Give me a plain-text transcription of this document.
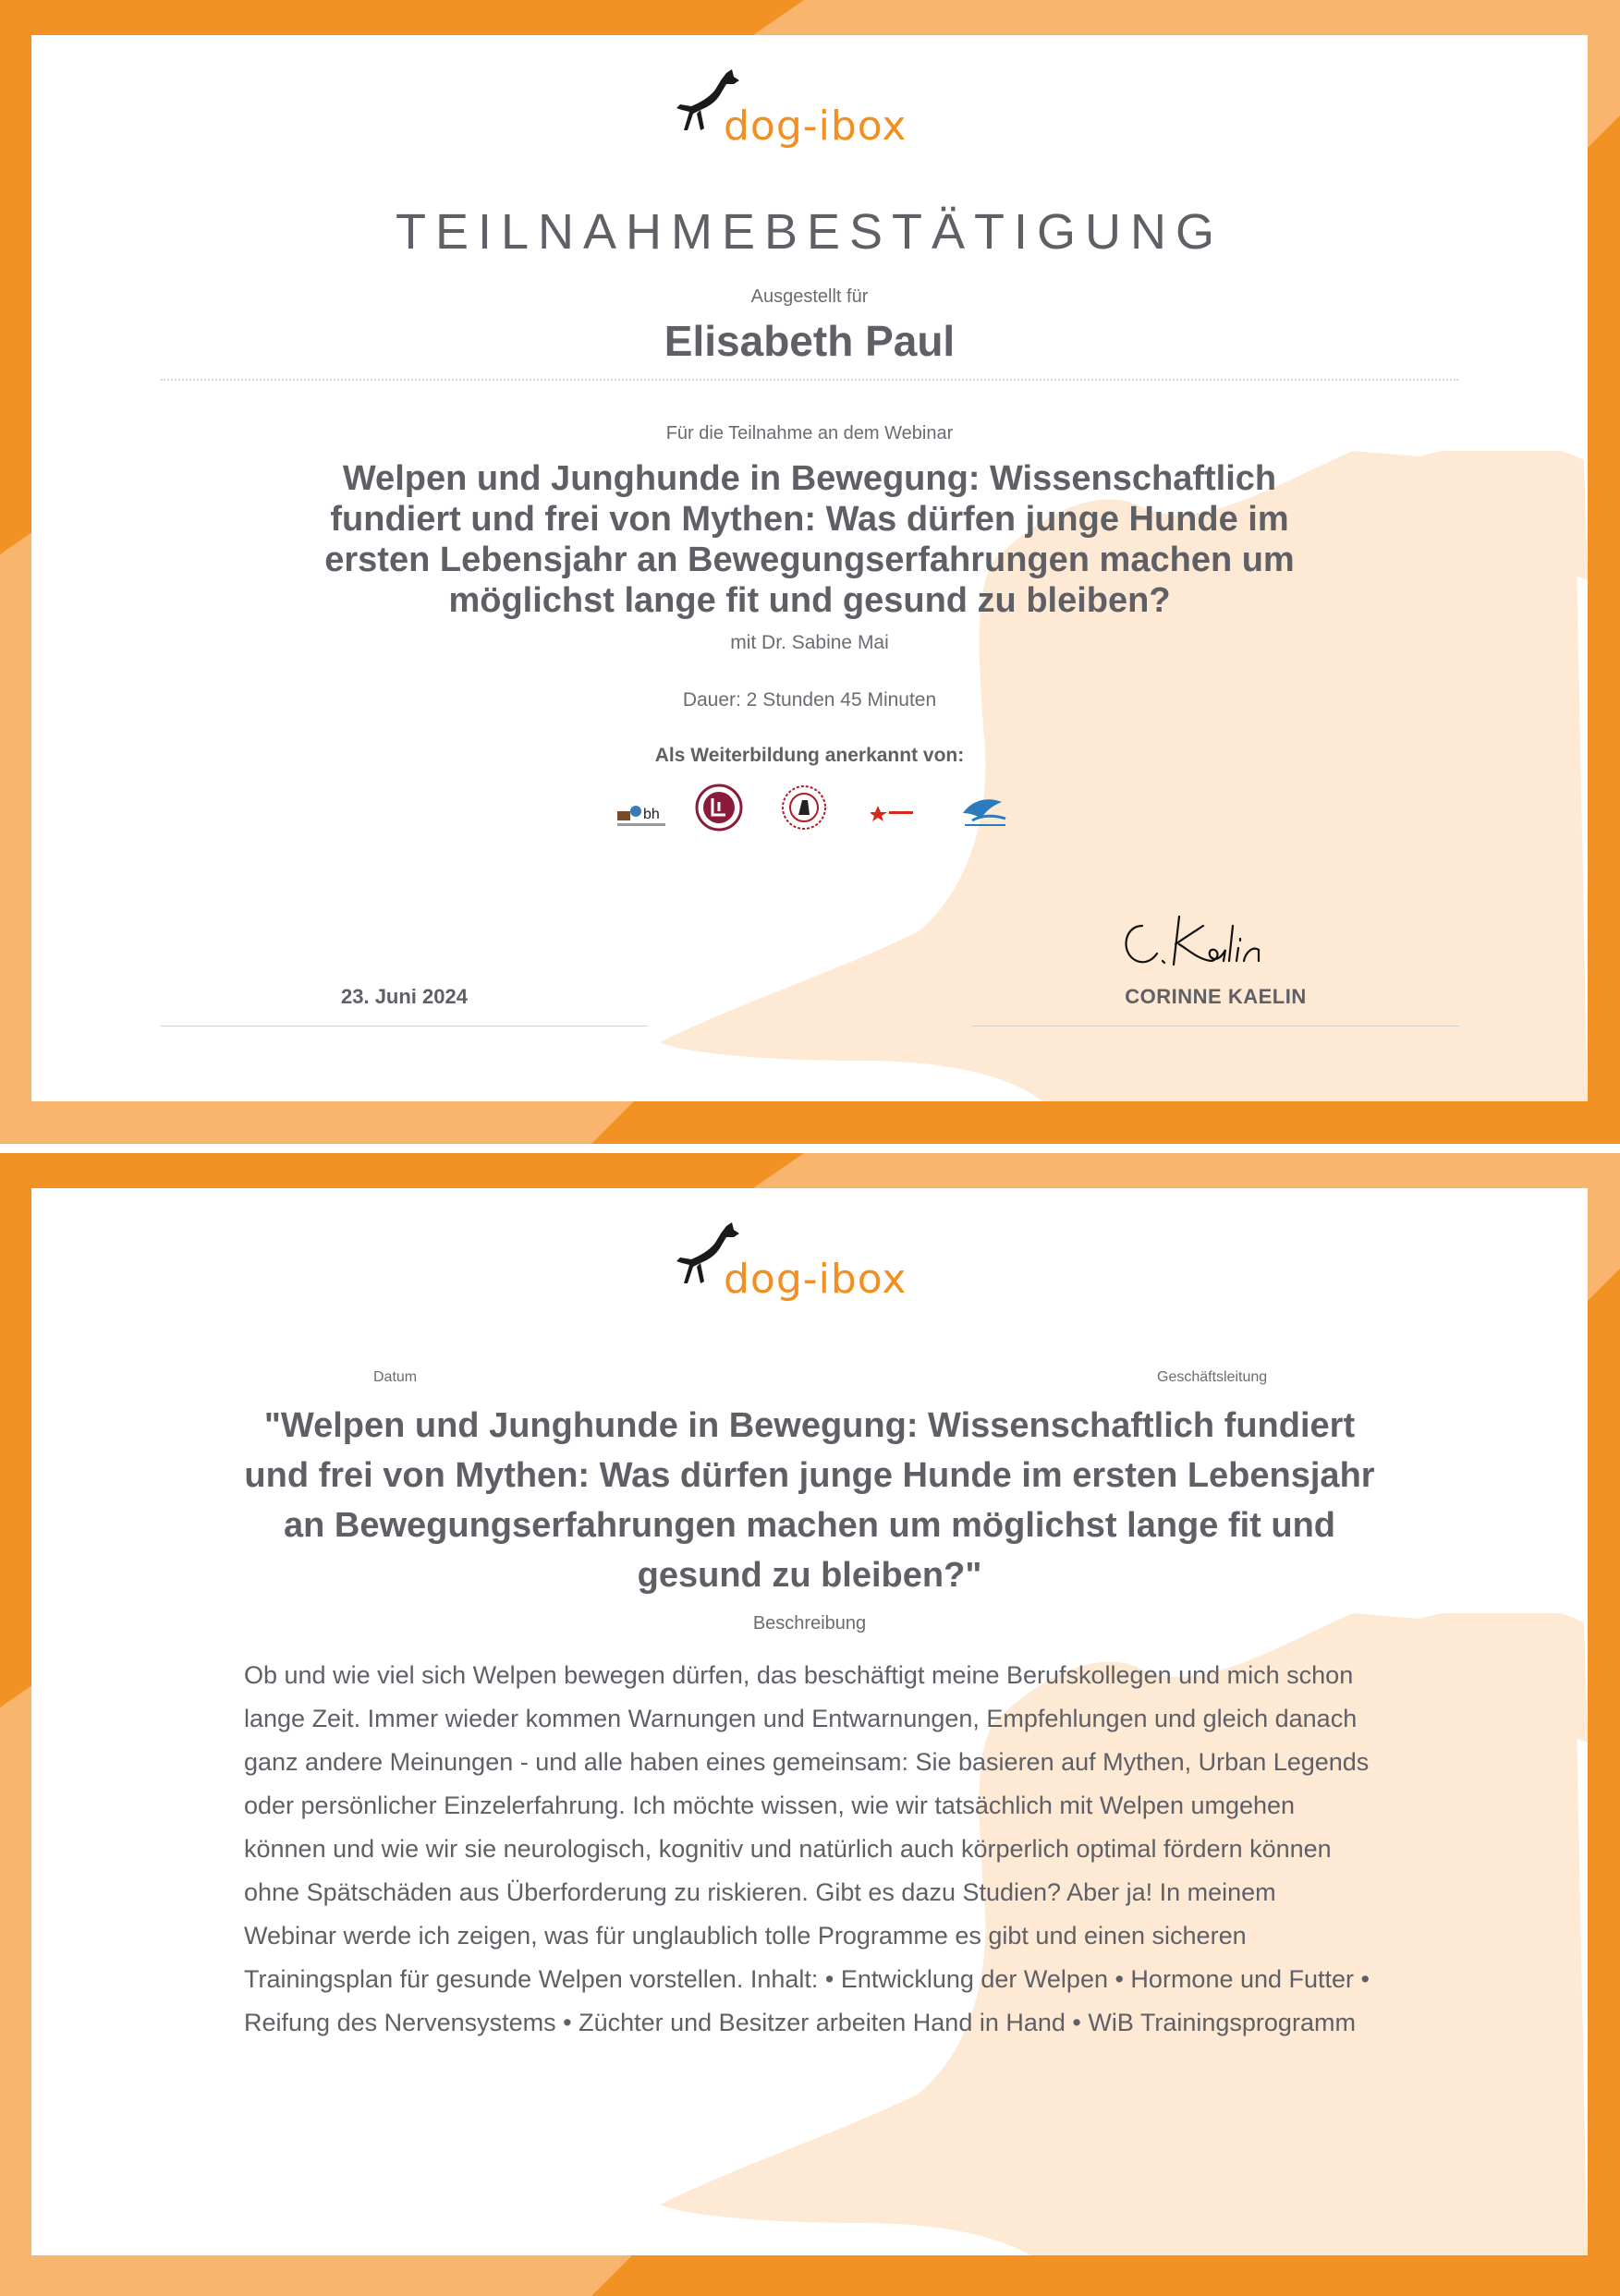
dog-ibox
TEILNAHMEBESTÄTIGUNG
Ausgestellt für
Elisabeth Paul
Für die Teilnahme an dem Webinar
Welpen und Junghunde in Bewegung: Wissenschaftlich fundiert und frei von Mythen: Was dürfen junge Hunde im ersten Lebensjahr an Bewegungserfahrungen machen um möglichst lange fit und gesund zu bleiben?
mit Dr. Sabine Mai
Dauer: 2 Stunden 45 Minuten
Als Weiterbildung anerkannt von:
bh
23. Juni 2024	CORINNE KAELIN
dog-ibox
Datum	Geschäftsleitung
"Welpen und Junghunde in Bewegung: Wissenschaftlich fundiert und frei von Mythen: Was dürfen junge Hunde im ersten Lebensjahr an Bewegungserfahrungen machen um möglichst lange fit und gesund zu bleiben?"
Beschreibung
Ob und wie viel sich Welpen bewegen dürfen, das beschäftigt meine Berufskollegen und mich schon lange Zeit. Immer wieder kommen Warnungen und Entwarnungen, Empfehlungen und gleich danach ganz andere Meinungen - und alle haben eines gemeinsam: Sie basieren auf Mythen, Urban Legends oder persönlicher Einzelerfahrung. Ich möchte wissen, wie wir tatsächlich mit Welpen umgehen können und wie wir sie neurologisch, kognitiv und natürlich auch körperlich optimal fördern können ohne Spätschäden aus Überforderung zu riskieren. Gibt es dazu Studien? Aber ja! In meinem Webinar werde ich zeigen, was für unglaublich tolle Programme es gibt und einen sicheren Trainingsplan für gesunde Welpen vorstellen. Inhalt: • Entwicklung der Welpen • Hormone und Futter • Reifung des Nervensystems • Züchter und Besitzer arbeiten Hand in Hand • WiB Trainingsprogramm
